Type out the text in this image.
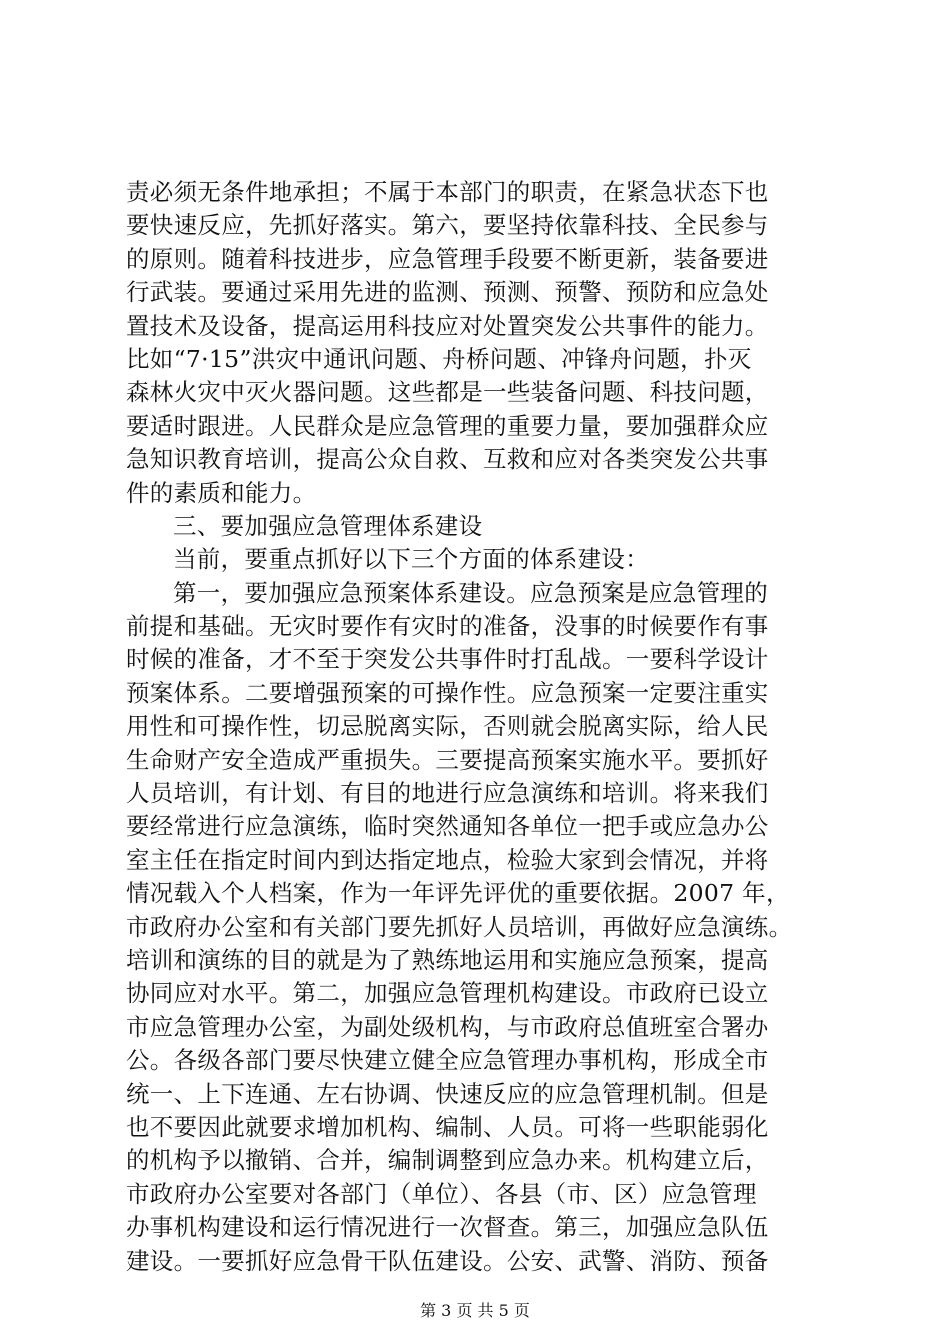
责必须无条件地承担；不属于本部门的职责，在紧急状态下也
要快速反应，先抓好落实。第六，要坚持依靠科技、全民参与
的原则。随着科技进步，应急管理手段要不断更新，装备要进
行武装。要通过采用先进的监测、预测、预警、预防和应急处
置技术及设备，提高运用科技应对处置突发公共事件的能力。
比如“7·15”洪灾中通讯问题、舟桥问题、冲锋舟问题，扑灭
森林火灾中灭火器问题。这些都是一些装备问题、科技问题，
要适时跟进。人民群众是应急管理的重要力量，要加强群众应
急知识教育培训，提高公众自救、互救和应对各类突发公共事
件的素质和能力。
三、要加强应急管理体系建设
当前，要重点抓好以下三个方面的体系建设：
第一，要加强应急预案体系建设。应急预案是应急管理的
前提和基础。无灾时要作有灾时的准备，没事的时候要作有事
时候的准备，才不至于突发公共事件时打乱战。一要科学设计
预案体系。二要增强预案的可操作性。应急预案一定要注重实
用性和可操作性，切忌脱离实际，否则就会脱离实际，给人民
生命财产安全造成严重损失。三要提高预案实施水平。要抓好
人员培训，有计划、有目的地进行应急演练和培训。将来我们
要经常进行应急演练，临时突然通知各单位一把手或应急办公
室主任在指定时间内到达指定地点，检验大家到会情况，并将
情况载入个人档案，作为一年评先评优的重要依据。2007 年，
市政府办公室和有关部门要先抓好人员培训，再做好应急演练。
培训和演练的目的就是为了熟练地运用和实施应急预案，提高
协同应对水平。第二，加强应急管理机构建设。市政府已设立
市应急管理办公室，为副处级机构，与市政府总值班室合署办
公。各级各部门要尽快建立健全应急管理办事机构，形成全市
统一、上下连通、左右协调、快速反应的应急管理机制。但是
也不要因此就要求增加机构、编制、人员。可将一些职能弱化
的机构予以撤销、合并，编制调整到应急办来。机构建立后，
市政府办公室要对各部门（单位）、各县（市、区）应急管理
办事机构建设和运行情况进行一次督查。第三，加强应急队伍
建设。一要抓好应急骨干队伍建设。公安、武警、消防、预备
第 3 页 共 5 页
